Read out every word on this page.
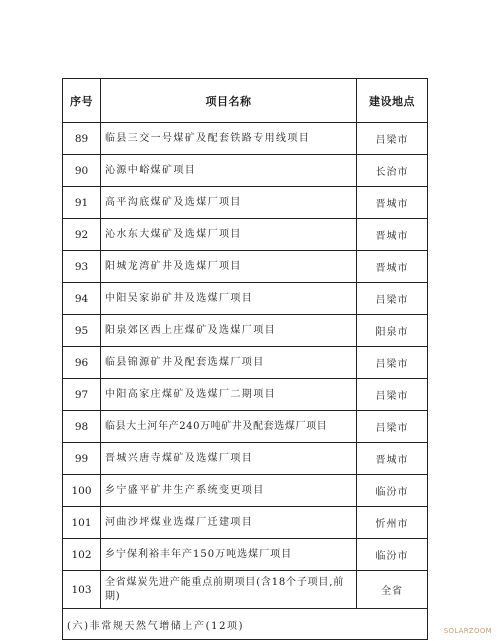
序号	项目名称	建设地点
89	临县三交一号煤矿及配套铁路专用线项目	吕梁市
90	沁源中峪煤矿项目	长治市
91	高平沟底煤矿及选煤厂项目	晋城市
92	沁水东大煤矿及选煤厂项目	晋城市
93	阳城龙湾矿井及选煤厂项目	晋城市
94	中阳吴家峁矿井及选煤厂项目	吕梁市
95	阳泉郊区西上庄煤矿及选煤厂项目	阳泉市
96	临县锦源矿井及配套选煤厂项目	吕梁市
97	中阳高家庄煤矿及选煤厂二期项目	吕梁市
98	临县大土河年产240万吨矿井及配套选煤厂项目	吕梁市
99	晋城兴唐寺煤矿及选煤厂项目	晋城市
100	乡宁盛平矿井生产系统变更项目	临汾市
101	河曲沙坪煤业选煤厂迁建项目	忻州市
102	乡宁保利裕丰年产150万吨选煤厂项目	临汾市
103	全省煤炭先进产能重点前期项目(含18个子项目,前期)	全省
(六)非常规天然气增储上产(12项)			SOLARZOOM
